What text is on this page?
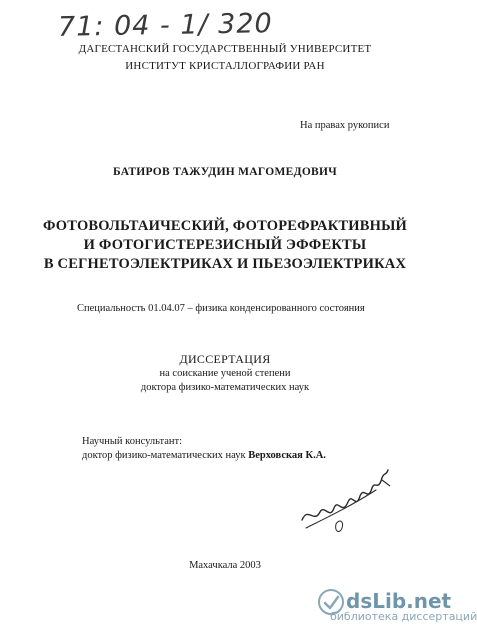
71: 04 - 1/ 320
ДАГЕСТАНСКИЙ ГОСУДАРСТВЕННЫЙ УНИВЕРСИТЕТ
ИНСТИТУТ КРИСТАЛЛОГРАФИИ РАН
На правах рукописи
БАТИРОВ ТАЖУДИН МАГОМЕДОВИЧ
ФОТОВОЛЬТАИЧЕСКИЙ, ФОТОРЕФРАКТИВНЫЙ
И ФОТОГИСТЕРЕЗИСНЫЙ ЭФФЕКТЫ
В СЕГНЕТОЭЛЕКТРИКАХ И ПЬЕЗОЭЛЕКТРИКАХ
Специальность 01.04.07 – физика конденсированного состояния
ДИССЕРТАЦИЯ
на соискание ученой степени
доктора физико-математических наук
Научный консультант:
доктор физико-математических наук Верховская К.А.
Махачкала 2003
dsLib.net
библиотека диссертаций
